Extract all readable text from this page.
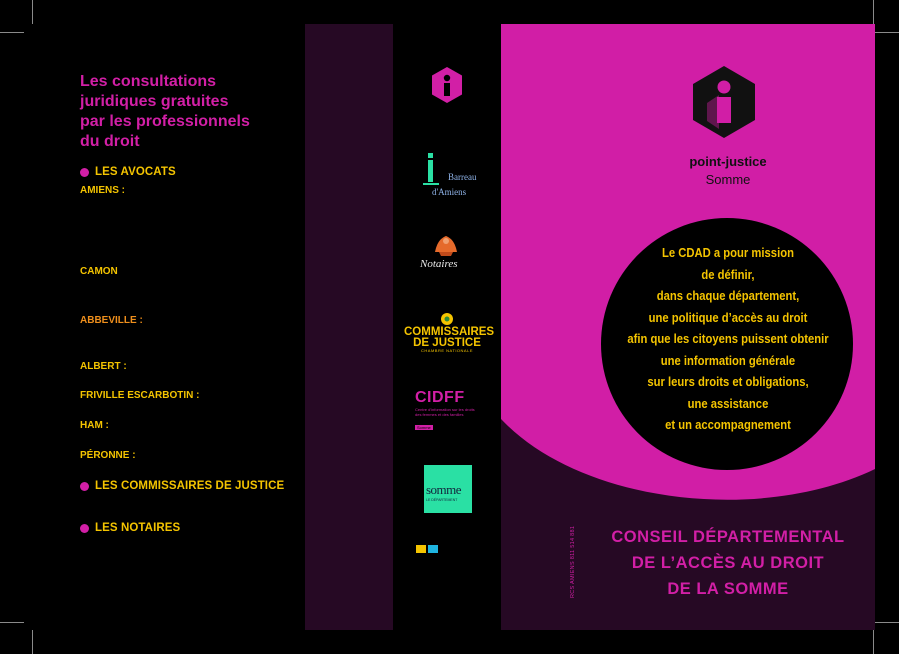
Les consultations
juridiques gratuites
par les professionnels
du droit
LES AVOCATS
AMIENS :
CAMON
ABBEVILLE :
ALBERT :
FRIVILLE ESCARBOTIN :
HAM :
PÉRONNE :
LES COMMISSAIRES DE JUSTICE
LES NOTAIRES
Barreau
d'Amiens
Notaires
COMMISSAIRES
DE JUSTICE
CHAMBRE NATIONALE
CIDFF
Centre d'information sur les droits des femmes et des familles
Somme
somme
LE DÉPARTEMENT
point-justice
Somme
Le CDAD a pour mission
de définir,
dans chaque département,
une politique d’accès au droit
afin que les citoyens puissent obtenir
une information générale
sur leurs droits et obligations,
une assistance
et un accompagnement
CONSEIL DÉPARTEMENTAL
DE L’ACCÈS AU DROIT
DE LA SOMME
RCS AMIENS 811 514 881
